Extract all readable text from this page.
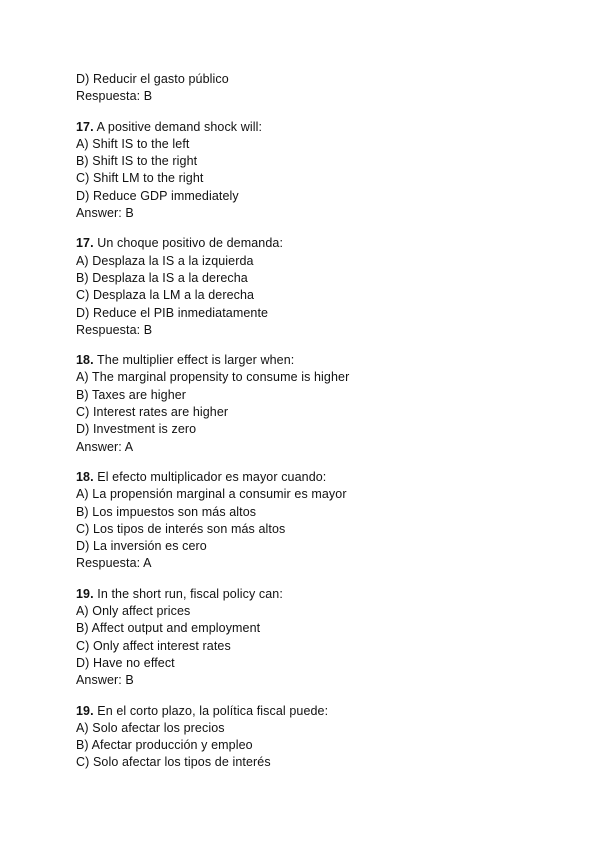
D) Reducir el gasto público
Respuesta: B
17. A positive demand shock will:
A) Shift IS to the left
B) Shift IS to the right
C) Shift LM to the right
D) Reduce GDP immediately
Answer: B
17. Un choque positivo de demanda:
A) Desplaza la IS a la izquierda
B) Desplaza la IS a la derecha
C) Desplaza la LM a la derecha
D) Reduce el PIB inmediatamente
Respuesta: B
18. The multiplier effect is larger when:
A) The marginal propensity to consume is higher
B) Taxes are higher
C) Interest rates are higher
D) Investment is zero
Answer: A
18. El efecto multiplicador es mayor cuando:
A) La propensión marginal a consumir es mayor
B) Los impuestos son más altos
C) Los tipos de interés son más altos
D) La inversión es cero
Respuesta: A
19. In the short run, fiscal policy can:
A) Only affect prices
B) Affect output and employment
C) Only affect interest rates
D) Have no effect
Answer: B
19. En el corto plazo, la política fiscal puede:
A) Solo afectar los precios
B) Afectar producción y empleo
C) Solo afectar los tipos de interés
